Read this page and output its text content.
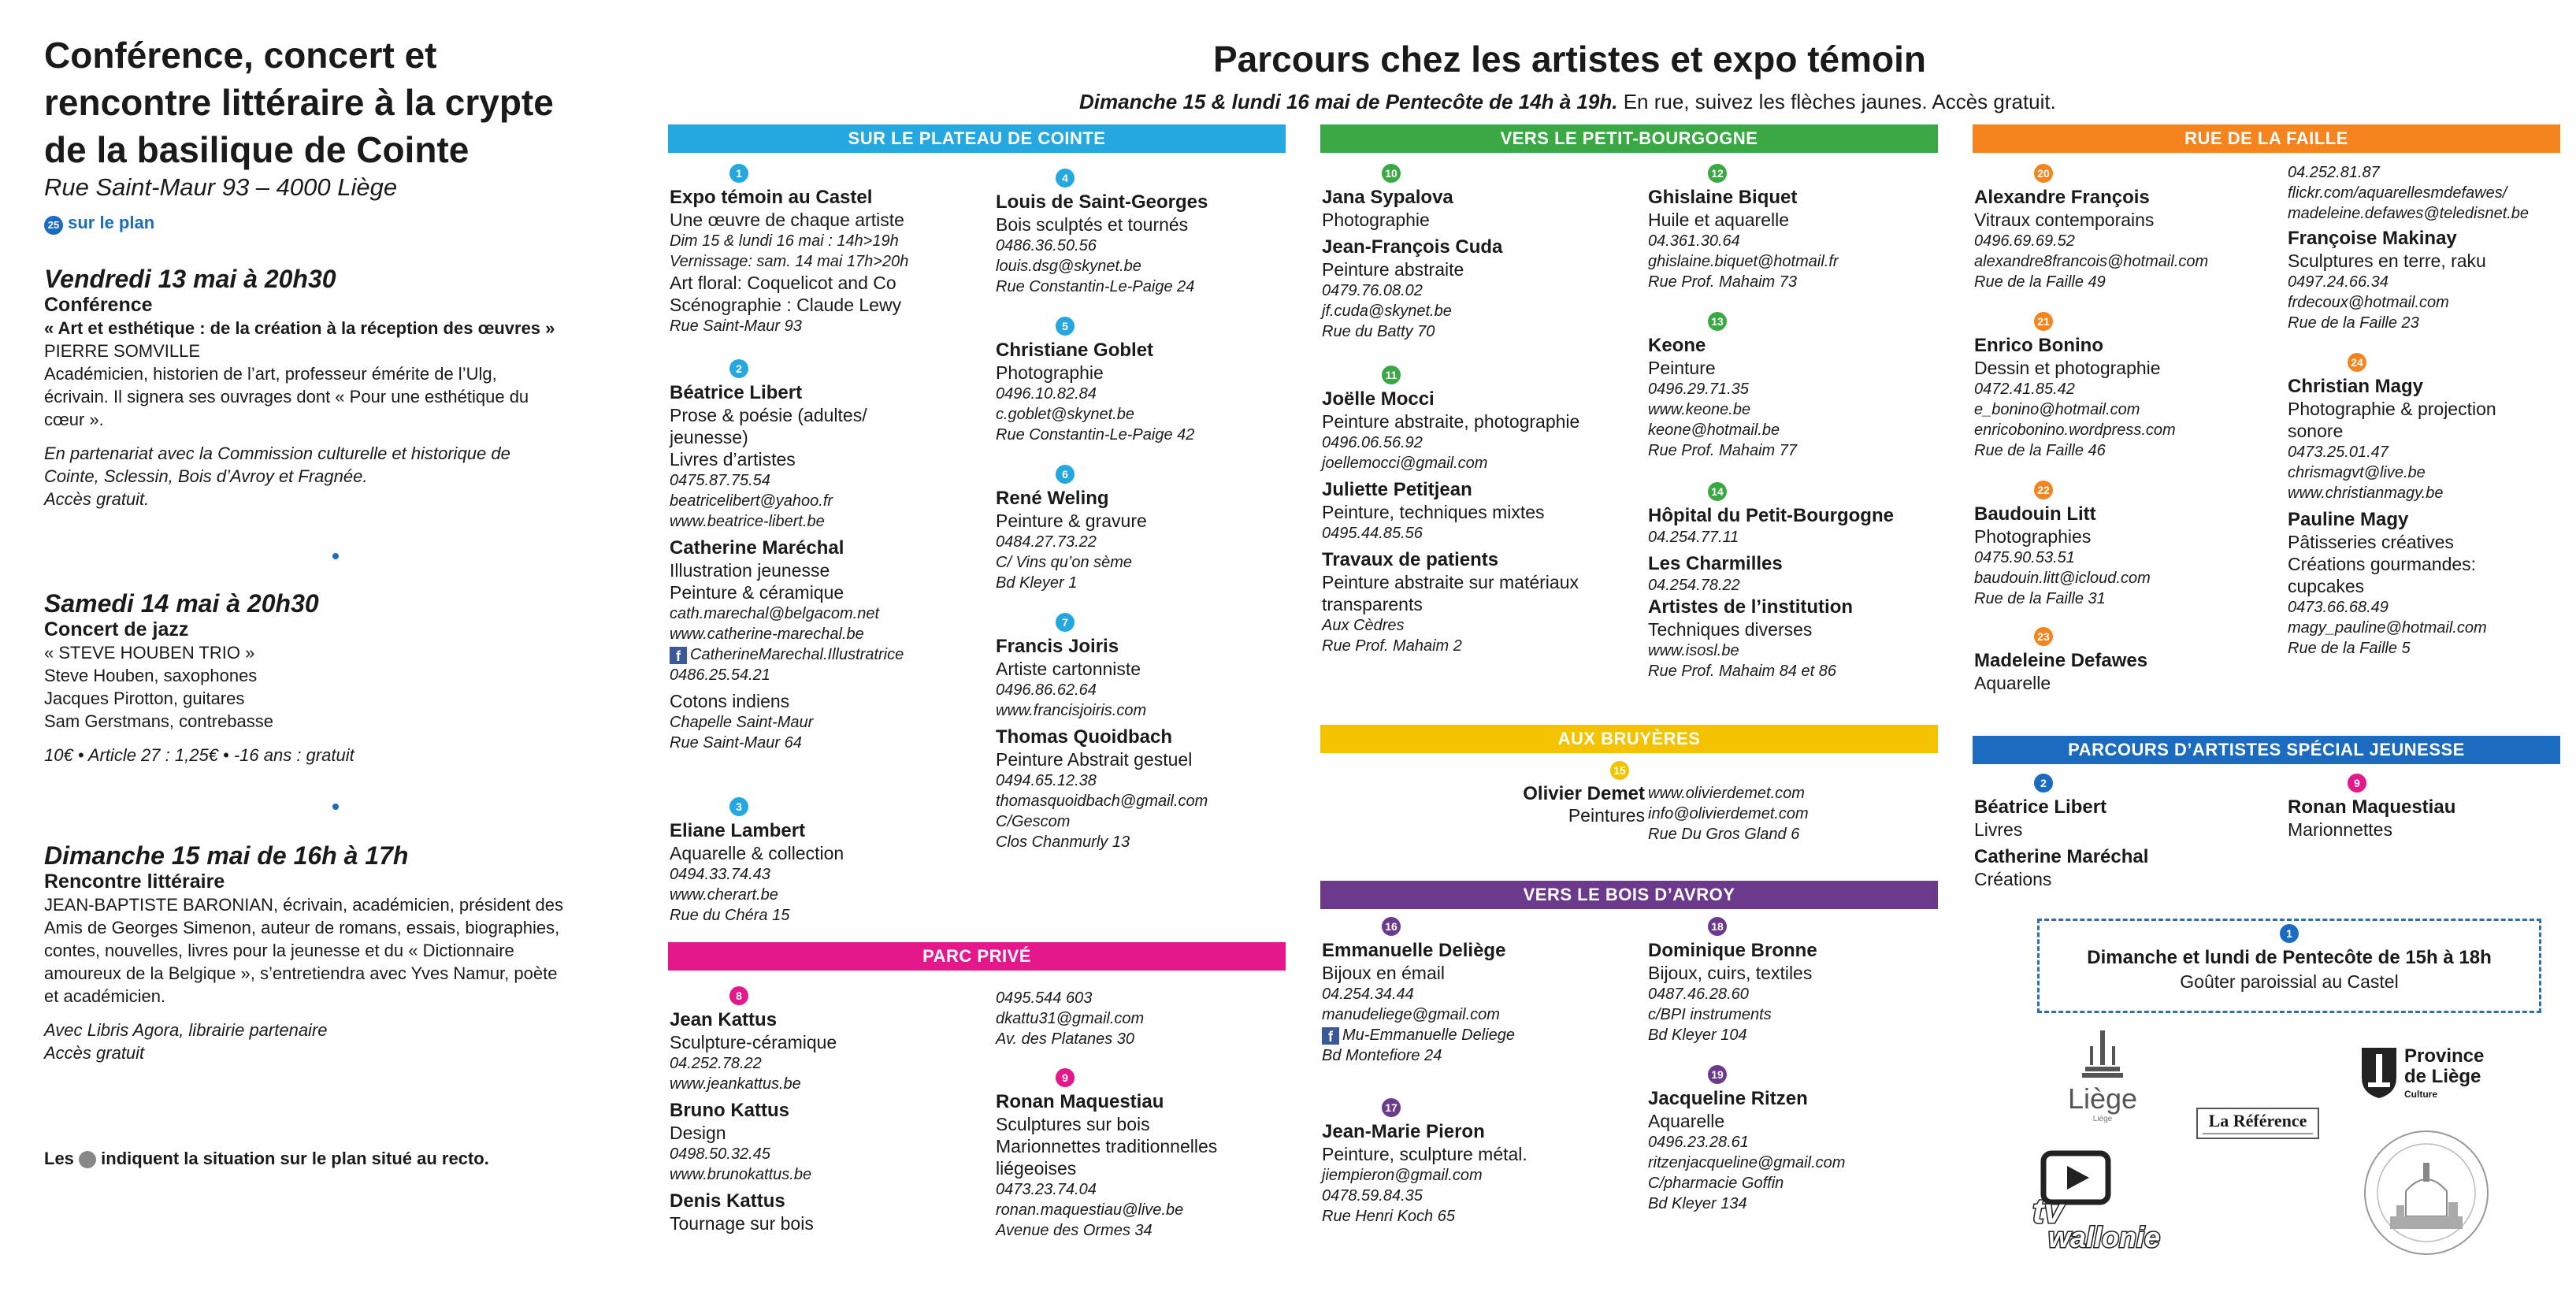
Conférence, concert et
rencontre littéraire à la crypte
de la basilique de Cointe
Rue Saint-Maur 93 – 4000 Liège
25 sur le plan
Vendredi 13 mai à 20h30
Conférence

« Art et esthétique : de la création à la réception des œuvres »

PIERRE SOMVILLE

Académicien, historien de l’art, professeur émérite de l’Ulg,

écrivain. Il signera ses ouvrages dont « Pour une esthétique du

cœur ».

En partenariat avec la Commission culturelle et historique de

Cointe, Sclessin, Bois d’Avroy et Fragnée.

Accès gratuit.

Samedi 14 mai à 20h30
Concert de jazz

« STEVE HOUBEN TRIO »

Steve Houben, saxophones

Jacques Pirotton, guitares

Sam Gerstmans, contrebasse

10€ • Article 27 : 1,25€ • -16 ans : gratuit

Dimanche 15 mai de 16h à 17h
Rencontre littéraire

JEAN-BAPTISTE BARONIAN, écrivain, académicien, président des

Amis de Georges Simenon, auteur de romans, essais, biographies,

contes, nouvelles, livres pour la jeunesse et du « Dictionnaire

amoureux de la Belgique », s’entretiendra avec Yves Namur, poète

et académicien.

Avec Libris Agora, librairie partenaire

Accès gratuit

Les indiquent la situation sur le plan situé au recto.
Parcours chez les artistes et expo témoin
Dimanche 15 & lundi 16 mai de Pentecôte de 14h à 19h. En rue, suivez les flèches jaunes. Accès gratuit.
SUR LE PLATEAU DE COINTE	VERS LE PETIT-BOURGOGNE	RUE DE LA FAILLE
PARC PRIVÉ
AUX BRUYÈRES
VERS LE BOIS D’AVROY
PARCOURS D’ARTISTES SPÉCIAL JEUNESSE
1
Expo témoin au Castel
Une œuvre de chaque artiste
Dim 15 & lundi 16 mai : 14h>19h
Vernissage: sam. 14 mai 17h>20h
Art floral: Coquelicot and Co
Scénographie : Claude Lewy
Rue Saint-Maur 93
2
Béatrice Libert
Prose & poésie (adultes/
jeunesse)
Livres d’artistes
0475.87.75.54
beatricelibert@yahoo.fr
www.beatrice-libert.be
Catherine Maréchal
Illustration jeunesse
Peinture & céramique
cath.marechal@belgacom.net
www.catherine-marechal.be
f CatherineMarechal.Illustratrice
0486.25.54.21
Cotons indiens
Chapelle Saint-Maur
Rue Saint-Maur 64
3
Eliane Lambert
Aquarelle & collection
0494.33.74.43
www.cherart.be
Rue du Chéra 15
4
Louis de Saint-Georges
Bois sculptés et tournés
0486.36.50.56
louis.dsg@skynet.be
Rue Constantin-Le-Paige 24
5
Christiane Goblet
Photographie
0496.10.82.84
c.goblet@skynet.be
Rue Constantin-Le-Paige 42
6
René Weling
Peinture & gravure
0484.27.73.22
C/ Vins qu’on sème
Bd Kleyer 1
7
Francis Joiris
Artiste cartonniste
0496.86.62.64
www.francisjoiris.com
Thomas Quoidbach
Peinture Abstrait gestuel
0494.65.12.38
thomasquoidbach@gmail.com
C/Gescom
Clos Chanmurly 13
10
Jana Sypalova
Photographie
Jean-François Cuda
Peinture abstraite
0479.76.08.02
jf.cuda@skynet.be
Rue du Batty 70
11
Joëlle Mocci
Peinture abstraite, photographie
0496.06.56.92
joellemocci@gmail.com
Juliette Petitjean
Peinture, techniques mixtes
0495.44.85.56
Travaux de patients
Peinture abstraite sur matériaux
transparents
Aux Cèdres
Rue Prof. Mahaim 2
12
Ghislaine Biquet
Huile et aquarelle
04.361.30.64
ghislaine.biquet@hotmail.fr
Rue Prof. Mahaim 73
13
Keone
Peinture
0496.29.71.35
www.keone.be
keone@hotmail.be
Rue Prof. Mahaim 77
14
Hôpital du Petit-Bourgogne
04.254.77.11
Les Charmilles
04.254.78.22
Artistes de l’institution
Techniques diverses
www.isosl.be
Rue Prof. Mahaim 84 et 86
15
Olivier Demet
Peintures
www.olivierdemet.com
info@olivierdemet.com
Rue Du Gros Gland 6
16
Emmanuelle Deliège
Bijoux en émail
04.254.34.44
manudeliege@gmail.com
f Mu-Emmanuelle Deliege
Bd Montefiore 24
17
Jean-Marie Pieron
Peinture, sculpture métal.
jiempieron@gmail.com
0478.59.84.35
Rue Henri Koch 65
18
Dominique Bronne
Bijoux, cuirs, textiles
0487.46.28.60
c/BPI instruments
Bd Kleyer 104
19
Jacqueline Ritzen
Aquarelle
0496.23.28.61
ritzenjacqueline@gmail.com
C/pharmacie Goffin
Bd Kleyer 134
8
Jean Kattus
Sculpture-céramique
04.252.78.22
www.jeankattus.be
Bruno Kattus
Design
0498.50.32.45
www.brunokattus.be
Denis Kattus
Tournage sur bois
0495.544 603
dkattu31@gmail.com
Av. des Platanes 30
9
Ronan Maquestiau
Sculptures sur bois
Marionnettes traditionnelles
liégeoises
0473.23.74.04
ronan.maquestiau@live.be
Avenue des Ormes 34
20
Alexandre François
Vitraux contemporains
0496.69.69.52
alexandre8francois@hotmail.com
Rue de la Faille 49
21
Enrico Bonino
Dessin et photographie
0472.41.85.42
e_bonino@hotmail.com
enricobonino.wordpress.com
Rue de la Faille 46
22
Baudouin Litt
Photographies
0475.90.53.51
baudouin.litt@icloud.com
Rue de la Faille 31
23
Madeleine Defawes
Aquarelle
04.252.81.87
flickr.com/aquarellesmdefawes/
madeleine.defawes@teledisnet.be
Françoise Makinay
Sculptures en terre, raku
0497.24.66.34
frdecoux@hotmail.com
Rue de la Faille 23
24
Christian Magy
Photographie & projection
sonore
0473.25.01.47
chrismagvt@live.be
www.christianmagy.be
Pauline Magy
Pâtisseries créatives
Créations gourmandes:
cupcakes
0473.66.68.49
magy_pauline@hotmail.com
Rue de la Faille 5
2
Béatrice Libert
Livres
Catherine Maréchal
Créations
9
Ronan Maquestiau
Marionnettes
1
Dimanche et lundi de Pentecôte de 15h à 18h
Goûter paroissial au Castel
Liège
Liège	La Référence
Province
de Liège
Culture
tv
wallonie
